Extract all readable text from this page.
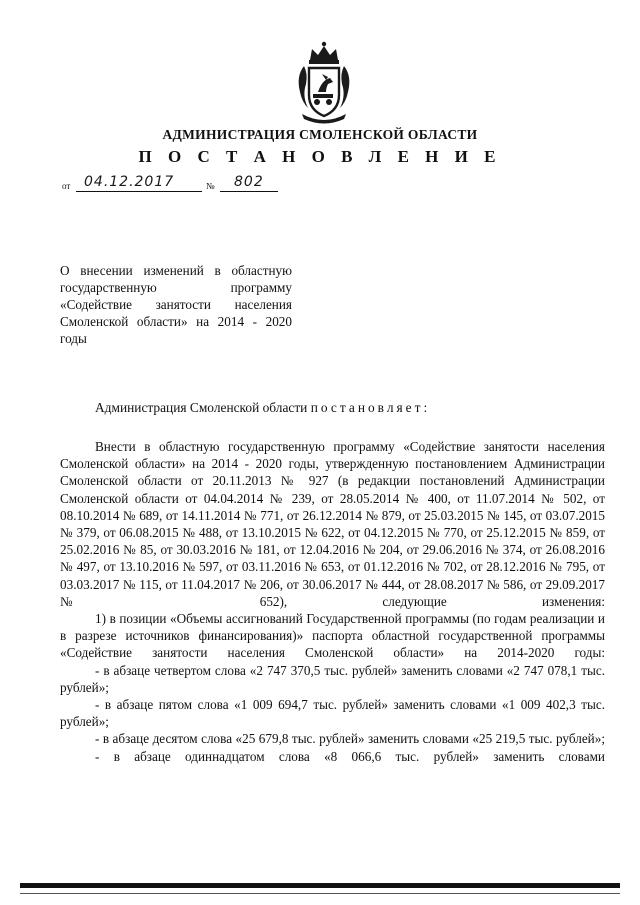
АДМИНИСТРАЦИЯ СМОЛЕНСКОЙ ОБЛАСТИ
П О С Т А Н О В Л Е Н И Е
от 04.12.2017	№ 802
О внесении изменений в областную государственную программу «Содействие занятости населения Смоленской области» на 2014 - 2020 годы
Администрация Смоленской области постановляет:

Внести в областную государственную программу «Содействие занятости населения Смоленской области» на 2014 - 2020 годы, утвержденную постановлением Администрации Смоленской области от 20.11.2013 № 927 (в редакции постановлений Администрации Смоленской области от 04.04.2014 № 239, от 28.05.2014 № 400, от 11.07.2014 № 502, от 08.10.2014 № 689, от 14.11.2014 № 771, от 26.12.2014 № 879, от 25.03.2015 № 145, от 03.07.2015 № 379, от 06.08.2015 № 488, от 13.10.2015 № 622, от 04.12.2015 № 770, от 25.12.2015 № 859, от 25.02.2016 № 85, от 30.03.2016 № 181, от 12.04.2016 № 204, от 29.06.2016 № 374, от 26.08.2016 № 497, от 13.10.2016 № 597, от 03.11.2016 № 653, от 01.12.2016 № 702, от 28.12.2016 № 795, от 03.03.2017 № 115, от 11.04.2017 № 206, от 30.06.2017 № 444, от 28.08.2017 № 586, от 29.09.2017 № 652), следующие изменения:

1) в позиции «Объемы ассигнований Государственной программы (по годам реализации и в разрезе источников финансирования)» паспорта областной государственной программы «Содействие занятости населения Смоленской области» на 2014-2020 годы:

- в абзаце четвертом слова «2 747 370,5 тыс. рублей» заменить словами «2 747 078,1 тыс. рублей»;

- в абзаце пятом слова «1 009 694,7 тыс. рублей» заменить словами «1 009 402,3 тыс. рублей»;

- в абзаце десятом слова «25 679,8 тыс. рублей» заменить словами «25 219,5 тыс. рублей»;

- в абзаце одиннадцатом слова «8 066,6 тыс. рублей» заменить словами
